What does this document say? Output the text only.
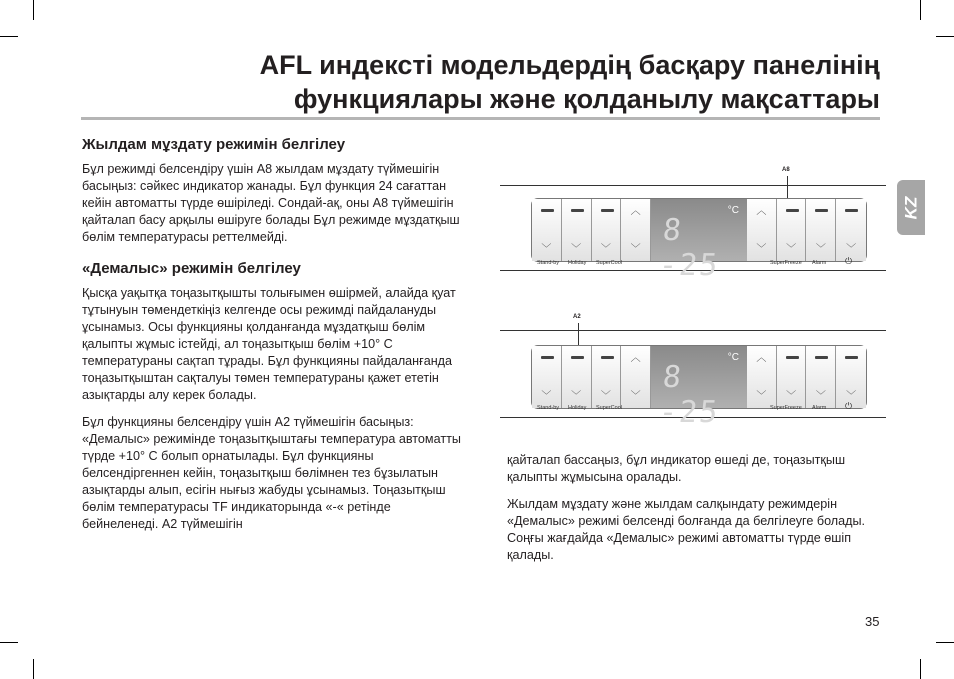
AFL индексті модельдердің басқару панелінің
функциялары және қолданылу мақсаттары
KZ
Жылдам мұздату режимін белгілеу

Бұл режимді белсендіру үшін A8 жылдам мұздату түймешігін басыңыз: сәйкес индикатор жанады. Бұл функция 24 сағаттан кейін автоматты түрде өшіріледі. Сондай-ақ, оны A8 түймешігін қайталап басу арқылы өшіруге болады Бұл режимде мұздатқыш бөлім температурасы реттелмейді.

«Демалыс» режимін белгілеу

Қысқа уақытқа тоңазытқышты толығымен өшірмей, алайда қуат тұтынуын төмендеткіңіз келгенде осы режимді пайдалануды ұсынамыз. Осы функцияны қолданғанда мұздатқыш бөлім қалыпты жұмыс істейді, ал тоңазытқыш бөлім +10° C температураны сақтап тұрады. Бұл функцияны пайдаланғанда тоңазытқыштан сақталуы төмен температураны қажет ететін азықтарды алу керек болады.

Бұл функцияны белсендіру үшін A2 түймешігін басыңыз: «Демалыс» режимінде тоңазытқыштағы температура автоматты түрде +10° C болып орнатылады. Бұл функцияны белсендіргеннен кейін, тоңазытқыш бөлімнен тез бұзылатын азықтарды алып, есігін нығыз жабуды ұсынамыз. Тоңазытқыш бөлім температурасы TF индикаторында «-« ретінде бейнеленеді. A2 түймешігін

қайталап бассаңыз, бұл индикатор өшеді де, тоңазытқыш қалыпты жұмысына оралады.

Жылдам мұздату және жылдам салқындату режимдерін «Демалыс» режимі белсенді болғанда да белгілеуге болады. Соңғы жағдайда «Демалыс» режимі автоматты түрде өшіп қалады.

A8
﹀	﹀	﹀
︿
﹀
8 -25
°C	︿
﹀	﹀	﹀	﹀
Stand-by Holiday SuperCool	SuperFreeze Alarm ⏻
A2
﹀	﹀	﹀
︿
﹀
8 -25
°C	︿
﹀	﹀	﹀	﹀
Stand-by Holiday SuperCool	SuperFreeze Alarm ⏻
35
